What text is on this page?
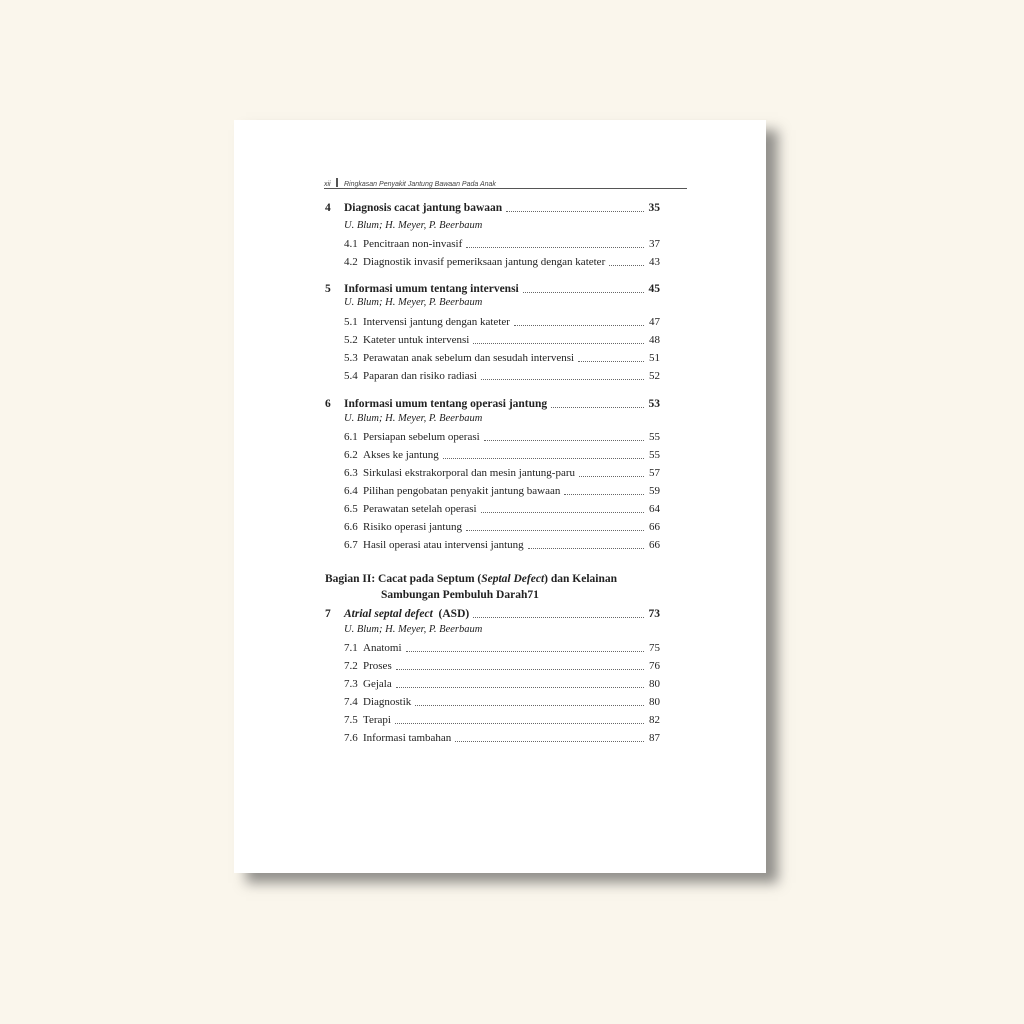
xii Ringkasan Penyakit Jantung Bawaan Pada Anak
4 Diagnosis cacat jantung bawaan	35
U. Blum; H. Meyer, P. Beerbaum
4.1 Pencitraan non-invasif	37
4.2 Diagnostik invasif pemeriksaan jantung dengan kateter	43
5 Informasi umum tentang intervensi	45
U. Blum; H. Meyer, P. Beerbaum
5.1 Intervensi jantung dengan kateter	47
5.2 Kateter untuk intervensi	48
5.3 Perawatan anak sebelum dan sesudah intervensi	51
5.4 Paparan dan risiko radiasi	52
6 Informasi umum tentang operasi jantung	53
U. Blum; H. Meyer, P. Beerbaum
6.1 Persiapan sebelum operasi	55
6.2 Akses ke jantung	55
6.3 Sirkulasi ekstrakorporal dan mesin jantung-paru	57
6.4 Pilihan pengobatan penyakit jantung bawaan	59
6.5 Perawatan setelah operasi	64
6.6 Risiko operasi jantung	66
6.7 Hasil operasi atau intervensi jantung	66
Bagian II: Cacat pada Septum (Septal Defect) dan Kelainan
Sambungan Pembuluh Darah 71
7 Atrial septal defect (ASD)	73
U. Blum; H. Meyer, P. Beerbaum
7.1 Anatomi	75
7.2 Proses	76
7.3 Gejala	80
7.4 Diagnostik	80
7.5 Terapi	82
7.6 Informasi tambahan	87
